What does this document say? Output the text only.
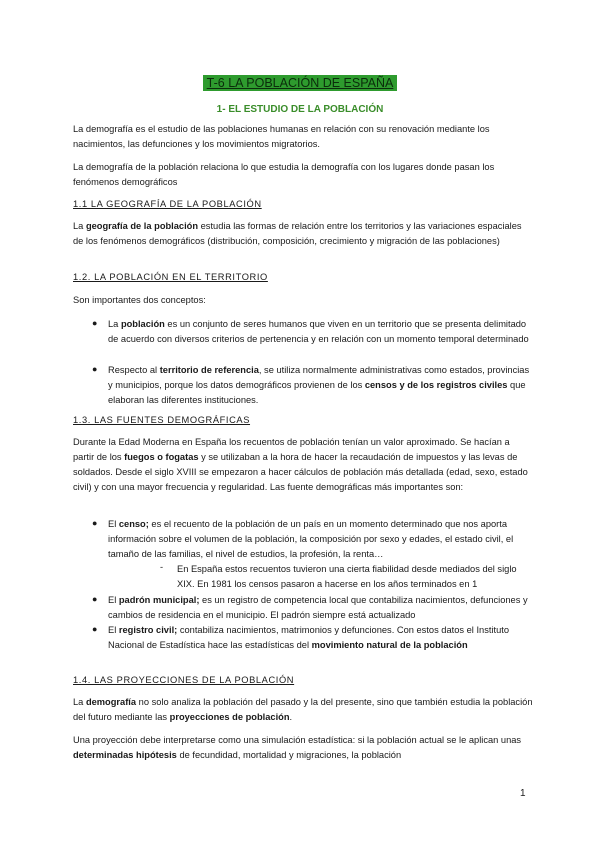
T-6 LA POBLACIÓN DE ESPAÑA
1- EL ESTUDIO DE LA POBLACIÓN

La demografía es el estudio de las poblaciones humanas en relación con su renovación mediante los nacimientos, las defunciones y los movimientos migratorios.

La demografía de la población relaciona lo que estudia la demografía con los lugares donde pasan los fenómenos demográficos

1.1 LA GEOGRAFÍA DE LA POBLACIÓN

La geografía de la población estudia las formas de relación entre los territorios y las variaciones espaciales de los fenómenos demográficos (distribución, composición, crecimiento y migración de las poblaciones)

1.2. LA POBLACIÓN EN EL TERRITORIO

Son importantes dos conceptos:

● La población es un conjunto de seres humanos que viven en un territorio que se presenta delimitado de acuerdo con diversos criterios de pertenencia y en relación con un momento temporal determinado
● Respecto al territorio de referencia, se utiliza normalmente administrativas como estados, provincias y municipios, porque los datos demográficos provienen de los censos y de los registros civiles que elaboran las diferentes instituciones.

1.3. LAS FUENTES DEMOGRÁFICAS

Durante la Edad Moderna en España los recuentos de población tenían un valor aproximado. Se hacían a partir de los fuegos o fogatas y se utilizaban a la hora de hacer la recaudación de impuestos y las levas de soldados. Desde el siglo XVIII se empezaron a hacer cálculos de población más detallada (edad, sexo, estado civil) y con una mayor frecuencia y regularidad. Las fuente demográficas más importantes son:

● El censo; es el recuento de la población de un país en un momento determinado que nos aporta información sobre el volumen de la población, la composición por sexo y edades, el estado civil, el tamaño de las familias, el nivel de estudios, la profesión, la renta…
- En España estos recuentos tuvieron una cierta fiabilidad desde mediados del siglo XIX. En 1981 los censos pasaron a hacerse en los años terminados en 1
● El padrón municipal; es un registro de competencia local que contabiliza nacimientos, defunciones y cambios de residencia en el municipio. El padrón siempre está actualizado
● El registro civil; contabiliza nacimientos, matrimonios y defunciones. Con estos datos el Instituto Nacional de Estadística hace las estadísticas del movimiento natural de la población

1.4. LAS PROYECCIONES DE LA POBLACIÓN

La demografía no solo analiza la población del pasado y la del presente, sino que también estudia la población del futuro mediante las proyecciones de población.

Una proyección debe interpretarse como una simulación estadística: si la población actual se le aplican unas determinadas hipótesis de fecundidad, mortalidad y migraciones, la población

1
